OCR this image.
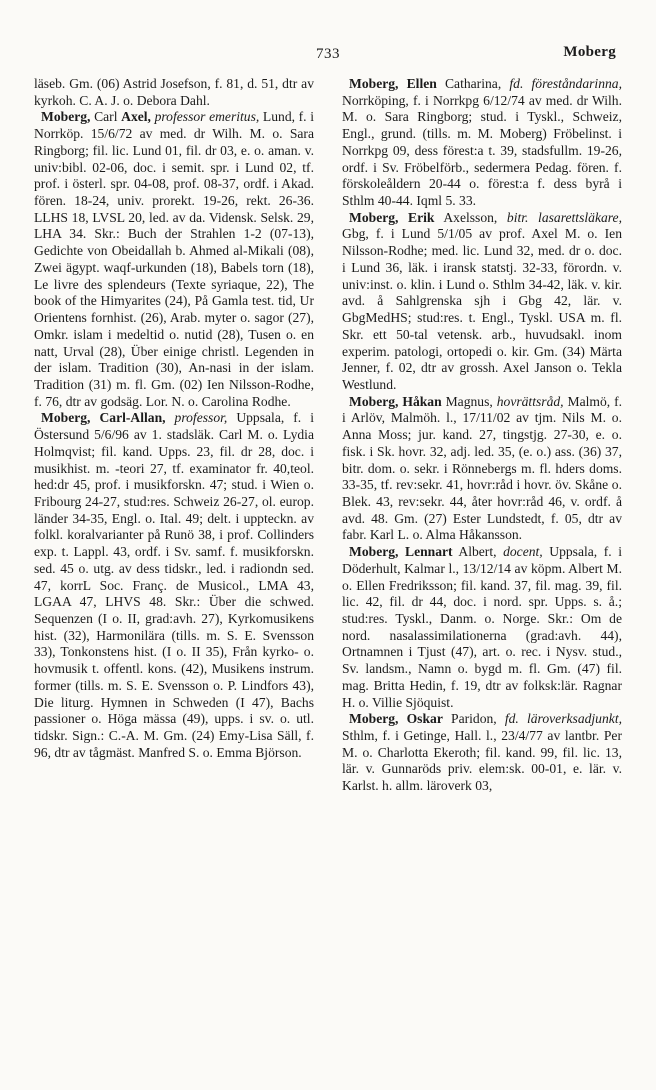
733	Moberg

läseb. Gm. (06) Astrid Josefson, f. 81, d. 51, dtr av kyrkoh. C. A. J. o. Debora Dahl.

Moberg, Carl Axel, professor emeritus, Lund, f. i Norrköp. 15/6/72 av med. dr Wilh. M. o. Sara Ringborg; fil. lic. Lund 01, fil. dr 03, e. o. aman. v. univ:bibl. 02-06, doc. i semit. spr. i Lund 02, tf. prof. i österl. spr. 04-08, prof. 08-37, ordf. i Akad. fören. 18-24, univ. prorekt. 19-26, rekt. 26-36. LLHS 18, LVSL 20, led. av da. Vidensk. Selsk. 29, LHA 34. Skr.: Buch der Strahlen 1-2 (07-13), Gedichte von Obeidallah b. Ahmed al-Mikali (08), Zwei ägypt. waqf-urkunden (18), Babels torn (18), Le livre des splendeurs (Texte syriaque, 22), The book of the Himyarites (24), På Gamla test. tid, Ur Orientens fornhist. (26), Arab. myter o. sagor (27), Omkr. islam i medeltid o. nutid (28), Tusen o. en natt, Urval (28), Über einige christl. Legenden in der islam. Tradition (30), An-nasi in der islam. Tradition (31) m. fl. Gm. (02) Ien Nilsson-Rodhe, f. 76, dtr av godsäg. Lor. N. o. Carolina Rodhe.

Moberg, Carl-Allan, professor, Uppsala, f. i Östersund 5/6/96 av 1. stadsläk. Carl M. o. Lydia Holmqvist; fil. kand. Upps. 23, fil. dr 28, doc. i musikhist. m. -teori 27, tf. examinator fr. 40,teol. hed:dr 45, prof. i musikforskn. 47; stud. i Wien o. Fribourg 24-27, stud:res. Schweiz 26-27, ol. europ. länder 34-35, Engl. o. Ital. 49; delt. i uppteckn. av folkl. koralvarianter på Runö 38, i prof. Collinders exp. t. Lappl. 43, ordf. i Sv. samf. f. musikforskn. sed. 45 o. utg. av dess tidskr., led. i radiondn sed. 47, korrL Soc. Franç. de Musicol., LMA 43, LGAA 47, LHVS 48. Skr.: Über die schwed. Sequenzen (I o. II, grad:avh. 27), Kyrkomusikens hist. (32), Harmonilära (tills. m. S. E. Svensson 33), Tonkonstens hist. (I o. II 35), Från kyrko- o. hovmusik t. offentl. kons. (42), Musikens instrum. former (tills. m. S. E. Svensson o. P. Lindfors 43), Die liturg. Hymnen in Schweden (I 47), Bachs passioner o. Höga mässa (49), upps. i sv. o. utl. tidskr. Sign.: C.-A. M. Gm. (24) Emy-Lisa Säll, f. 96, dtr av tågmäst. Manfred S. o. Emma Björson.

Moberg, Ellen Catharina, fd. föreståndarinna, Norrköping, f. i Norrkpg 6/12/74 av med. dr Wilh. M. o. Sara Ringborg; stud. i Tyskl., Schweiz, Engl., grund. (tills. m. M. Moberg) Fröbelinst. i Norrkpg 09, dess förest:a t. 39, stadsfullm. 19-26, ordf. i Sv. Fröbelförb., sedermera Pedag. fören. f. förskoleåldern 20-44 o. förest:a f. dess byrå i Sthlm 40-44. Iqml 5. 33.

Moberg, Erik Axelsson, bitr. lasarettsläkare, Gbg, f. i Lund 5/1/05 av prof. Axel M. o. Ien Nilsson-Rodhe; med. lic. Lund 32, med. dr o. doc. i Lund 36, läk. i iransk statstj. 32-33, förordn. v. univ:inst. o. klin. i Lund o. Sthlm 34-42, läk. v. kir. avd. å Sahlgrenska sjh i Gbg 42, lär. v. GbgMedHS; stud:res. t. Engl., Tyskl. USA m. fl. Skr. ett 50-tal vetensk. arb., huvudsakl. inom experim. patologi, ortopedi o. kir. Gm. (34) Märta Jenner, f. 02, dtr av grossh. Axel Janson o. Tekla Westlund.

Moberg, Håkan Magnus, hovrättsråd, Malmö, f. i Arlöv, Malmöh. l., 17/11/02 av tjm. Nils M. o. Anna Moss; jur. kand. 27, tingstjg. 27-30, e. o. fisk. i Sk. hovr. 32, adj. led. 35, (e. o.) ass. (36) 37, bitr. dom. o. sekr. i Rönnebergs m. fl. hders doms. 33-35, tf. rev:sekr. 41, hovr:råd i hovr. öv. Skåne o. Blek. 43, rev:sekr. 44, åter hovr:råd 46, v. ordf. å avd. 48. Gm. (27) Ester Lundstedt, f. 05, dtr av fabr. Karl L. o. Alma Håkansson.

Moberg, Lennart Albert, docent, Uppsala, f. i Döderhult, Kalmar l., 13/12/14 av köpm. Albert M. o. Ellen Fredriksson; fil. kand. 37, fil. mag. 39, fil. lic. 42, fil. dr 44, doc. i nord. spr. Upps. s. å.; stud:res. Tyskl., Danm. o. Norge. Skr.: Om de nord. nasalassimilationerna (grad:avh. 44), Ortnamnen i Tjust (47), art. o. rec. i Nysv. stud., Sv. landsm., Namn o. bygd m. fl. Gm. (47) fil. mag. Britta Hedin, f. 19, dtr av folksk:lär. Ragnar H. o. Villie Sjöquist.

Moberg, Oskar Paridon, fd. läroverksadjunkt, Sthlm, f. i Getinge, Hall. l., 23/4/77 av lantbr. Per M. o. Charlotta Ekeroth; fil. kand. 99, fil. lic. 13, lär. v. Gunnaröds priv. elem:sk. 00-01, e. lär. v. Karlst. h. allm. läroverk 03,
